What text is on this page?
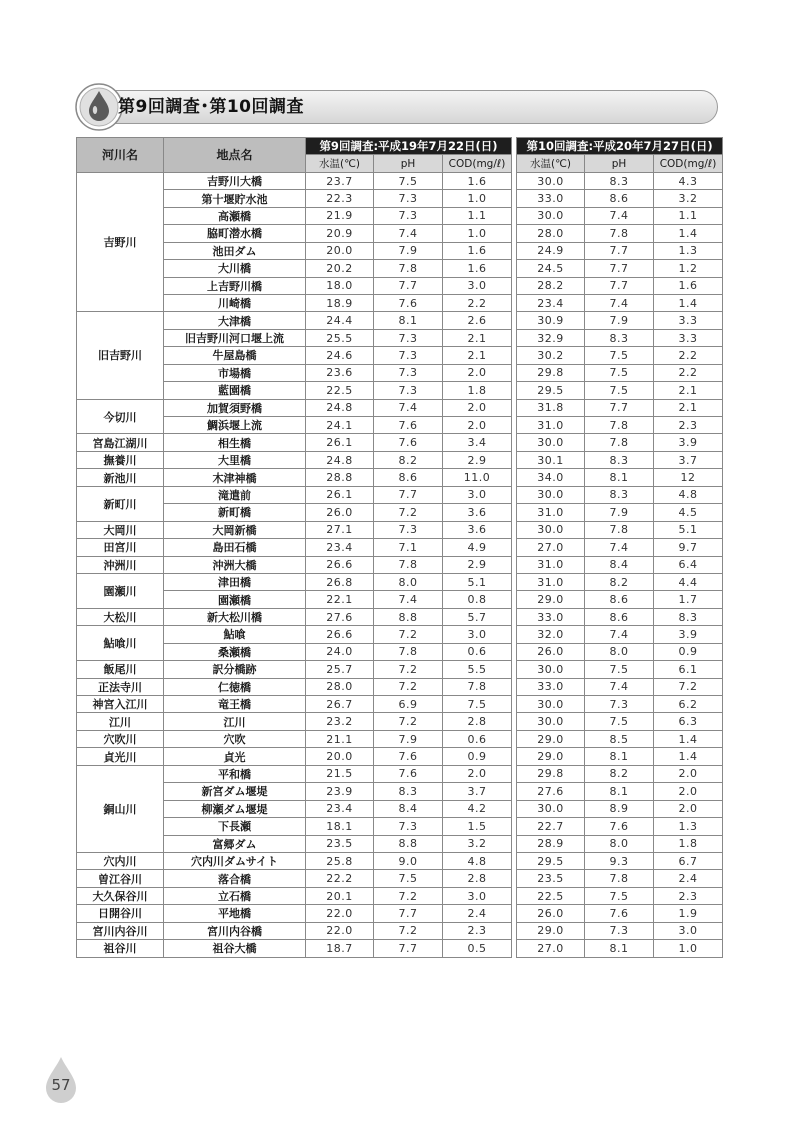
第9回調査･第10回調査
河川名	地点名	第9回調査:平成19年7月22日(日)				第10回調査:平成20年7月27日(日)		
		水温(℃)	pH	COD(mg/ℓ)		水温(℃)	pH	COD(mg/ℓ)
吉野川	吉野川大橋	23.7	7.5	1.6		30.0	8.3	4.3
	第十堰貯水池	22.3	7.3	1.0		33.0	8.6	3.2
	高瀬橋	21.9	7.3	1.1		30.0	7.4	1.1
	脇町潜水橋	20.9	7.4	1.0		28.0	7.8	1.4
	池田ダム	20.0	7.9	1.6		24.9	7.7	1.3
	大川橋	20.2	7.8	1.6		24.5	7.7	1.2
	上吉野川橋	18.0	7.7	3.0		28.2	7.7	1.6
	川崎橋	18.9	7.6	2.2		23.4	7.4	1.4
旧吉野川	大津橋	24.4	8.1	2.6		30.9	7.9	3.3
	旧吉野川河口堰上流	25.5	7.3	2.1		32.9	8.3	3.3
	牛屋島橋	24.6	7.3	2.1		30.2	7.5	2.2
	市場橋	23.6	7.3	2.0		29.8	7.5	2.2
	藍園橋	22.5	7.3	1.8		29.5	7.5	2.1
今切川	加賀須野橋	24.8	7.4	2.0		31.8	7.7	2.1
	鯛浜堰上流	24.1	7.6	2.0		31.0	7.8	2.3
宮島江湖川	相生橋	26.1	7.6	3.4		30.0	7.8	3.9
撫養川	大里橋	24.8	8.2	2.9		30.1	8.3	3.7
新池川	木津神橋	28.8	8.6	11.0		34.0	8.1	12
新町川	滝遣前	26.1	7.7	3.0		30.0	8.3	4.8
	新町橋	26.0	7.2	3.6		31.0	7.9	4.5
大岡川	大岡新橋	27.1	7.3	3.6		30.0	7.8	5.1
田宮川	島田石橋	23.4	7.1	4.9		27.0	7.4	9.7
沖洲川	沖洲大橋	26.6	7.8	2.9		31.0	8.4	6.4
園瀬川	津田橋	26.8	8.0	5.1		31.0	8.2	4.4
	園瀬橋	22.1	7.4	0.8		29.0	8.6	1.7
大松川	新大松川橋	27.6	8.8	5.7		33.0	8.6	8.3
鮎喰川	鮎喰	26.6	7.2	3.0		32.0	7.4	3.9
	桑瀬橋	24.0	7.8	0.6		26.0	8.0	0.9
飯尾川	訳分橋跡	25.7	7.2	5.5		30.0	7.5	6.1
正法寺川	仁徳橋	28.0	7.2	7.8		33.0	7.4	7.2
神宮入江川	竜王橋	26.7	6.9	7.5		30.0	7.3	6.2
江川	江川	23.2	7.2	2.8		30.0	7.5	6.3
穴吹川	穴吹	21.1	7.9	0.6		29.0	8.5	1.4
貞光川	貞光	20.0	7.6	0.9		29.0	8.1	1.4
銅山川	平和橋	21.5	7.6	2.0		29.8	8.2	2.0
	新宮ダム堰堤	23.9	8.3	3.7		27.6	8.1	2.0
	柳瀬ダム堰堤	23.4	8.4	4.2		30.0	8.9	2.0
	下長瀬	18.1	7.3	1.5		22.7	7.6	1.3
	富郷ダム	23.5	8.8	3.2		28.9	8.0	1.8
穴内川	穴内川ダムサイト	25.8	9.0	4.8		29.5	9.3	6.7
曽江谷川	落合橋	22.2	7.5	2.8		23.5	7.8	2.4
大久保谷川	立石橋	20.1	7.2	3.0		22.5	7.5	2.3
日開谷川	平地橋	22.0	7.7	2.4		26.0	7.6	1.9
宮川内谷川	宮川内谷橋	22.0	7.2	2.3		29.0	7.3	3.0
祖谷川	祖谷大橋	18.7	7.7	0.5		27.0	8.1	1.0
57
